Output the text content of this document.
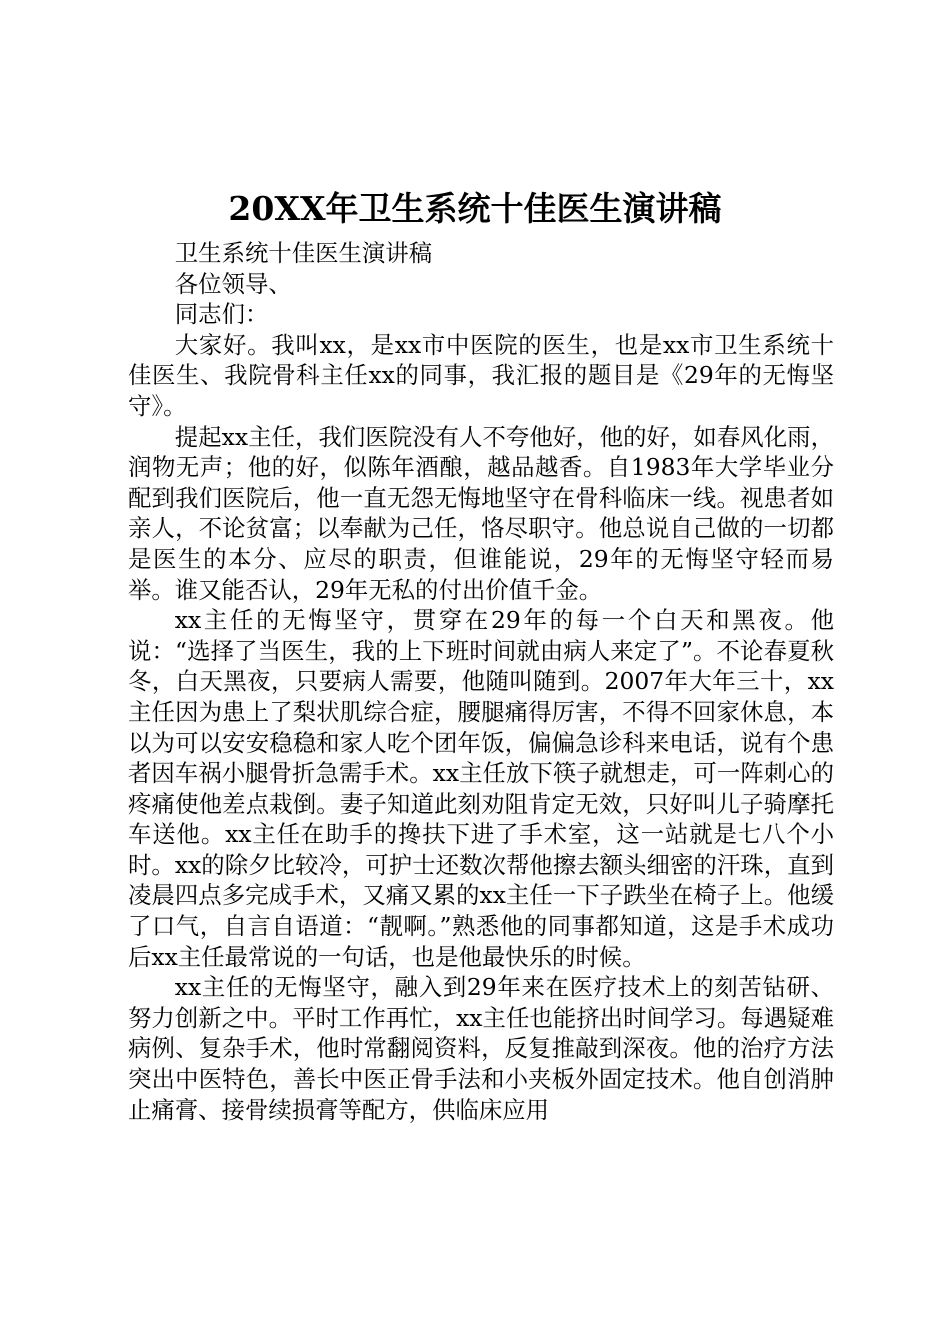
20XX年卫生系统十佳医生演讲稿

卫生系统十佳医生演讲稿

各位领导、

同志们：

大家好。我叫xx，是xx市中医院的医生，也是xx市卫生系统十佳医生、我院骨科主任xx的同事，我汇报的题目是《29年的无悔坚守》。

提起xx主任，我们医院没有人不夸他好，他的好，如春风化雨，润物无声；他的好，似陈年酒酿，越品越香。自1983年大学毕业分配到我们医院后，他一直无怨无悔地坚守在骨科临床一线。视患者如亲人，不论贫富；以奉献为己任，恪尽职守。他总说自己做的一切都是医生的本分、应尽的职责，但谁能说，29年的无悔坚守轻而易举。谁又能否认，29年无私的付出价值千金。

xx主任的无悔坚守，贯穿在29年的每一个白天和黑夜。他说：“选择了当医生，我的上下班时间就由病人来定了”。不论春夏秋冬，白天黑夜，只要病人需要，他随叫随到。2007年大年三十，xx主任因为患上了梨状肌综合症，腰腿痛得厉害，不得不回家休息，本以为可以安安稳稳和家人吃个团年饭，偏偏急诊科来电话，说有个患者因车祸小腿骨折急需手术。xx主任放下筷子就想走，可一阵刺心的疼痛使他差点栽倒。妻子知道此刻劝阻肯定无效，只好叫儿子骑摩托车送他。xx主任在助手的搀扶下进了手术室，这一站就是七八个小时。xx的除夕比较冷，可护士还数次帮他擦去额头细密的汗珠，直到凌晨四点多完成手术，又痛又累的xx主任一下子跌坐在椅子上。他缓了口气，自言自语道：“靓啊。”熟悉他的同事都知道，这是手术成功后xx主任最常说的一句话，也是他最快乐的时候。

xx主任的无悔坚守，融入到29年来在医疗技术上的刻苦钻研、努力创新之中。平时工作再忙，xx主任也能挤出时间学习。每遇疑难病例、复杂手术，他时常翻阅资料，反复推敲到深夜。他的治疗方法突出中医特色，善长中医正骨手法和小夹板外固定技术。他自创消肿止痛膏、接骨续损膏等配方，供临床应用
